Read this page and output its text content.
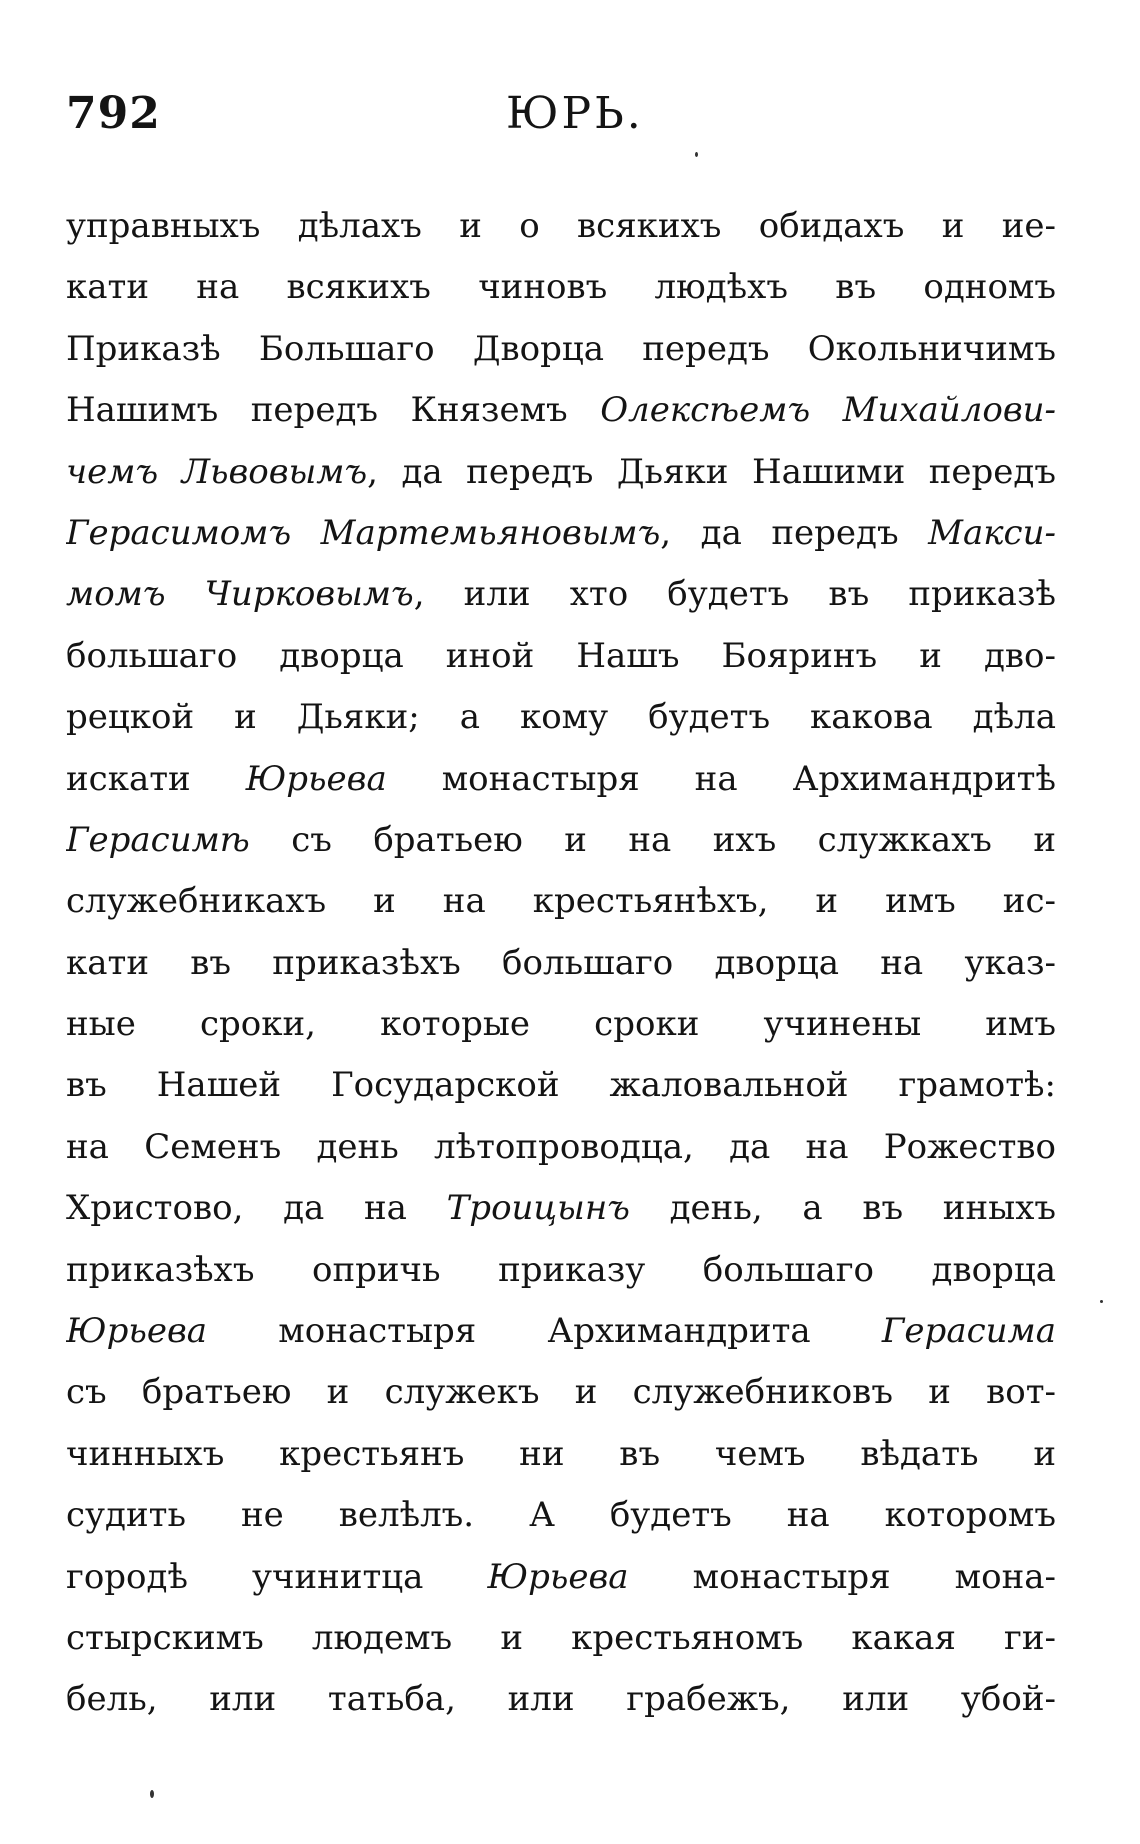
792	ЮРЬ.
управныхъ дѣлахъ и о всякихъ обидахъ и ие-
кати на всякихъ чиновъ людѣхъ въ одномъ
Приказѣ Большаго Дворца передъ Окольничимъ
Нашимъ передъ Княземъ Олексѣемъ Михайлови-
чемъ Львовымъ, да передъ Дьяки Нашими передъ
Герасимомъ Мартемьяновымъ, да передъ Макси-
момъ Чирковымъ, или хто будетъ въ приказѣ
большаго дворца иной Нашъ Бояринъ и дво-
рецкой и Дьяки; а кому будетъ какова дѣла
искати Юрьева монастыря на Архимандритѣ
Герасимѣ съ братьею и на ихъ служкахъ и
служебникахъ и на крестьянѣхъ, и имъ ис-
кати въ приказѣхъ большаго дворца на указ-
ные сроки, которые сроки учинены имъ
въ Нашей Государской жаловальной грамотѣ:
на Семенъ день лѣтопроводца, да на Рожество
Христово, да на Троицынъ день, а въ иныхъ
приказѣхъ опричь приказу большаго дворца
Юрьева монастыря Архимандрита Герасима
съ братьею и служекъ и служебниковъ и вот-
чинныхъ крестьянъ ни въ чемъ вѣдать и
судить не велѣлъ. А будетъ на которомъ
городѣ учинитца Юрьева монастыря мона-
стырскимъ людемъ и крестьяномъ какая ги-
бель, или татьба, или грабежъ, или убой-
